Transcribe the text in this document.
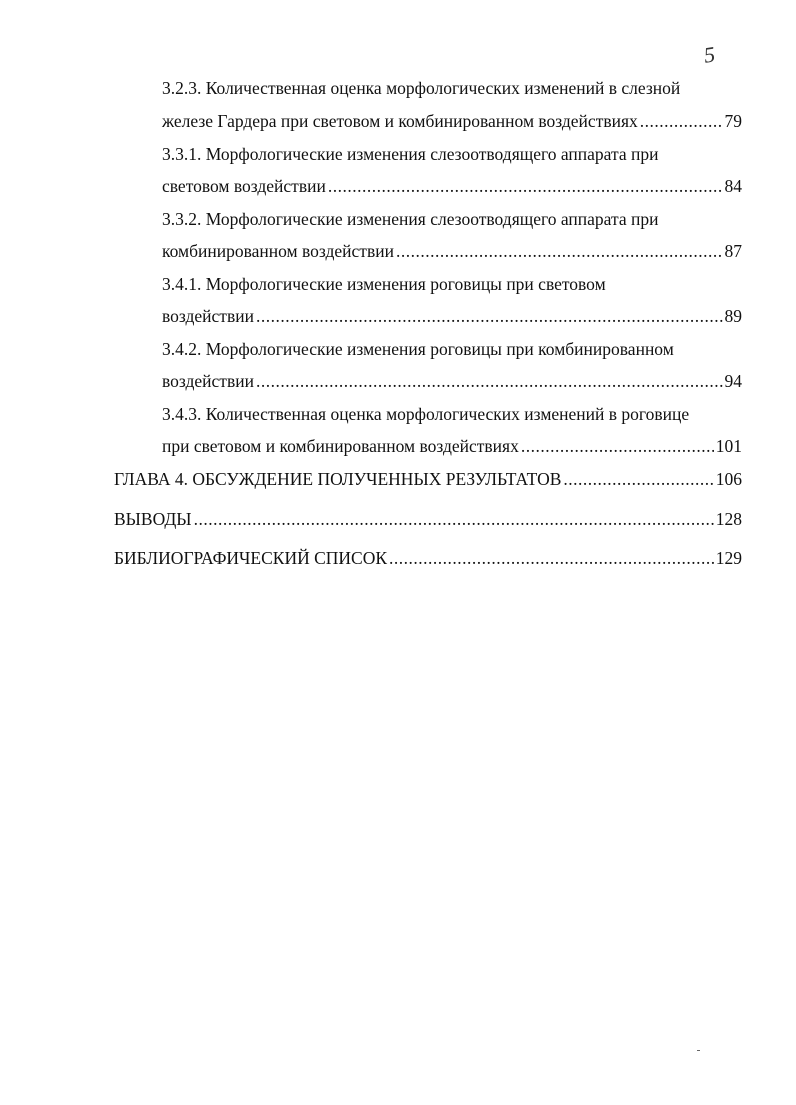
5
3.2.3. Количественная оценка морфологических изменений в слезной
железе Гардера при световом и комбинированном воздействиях .....	79
3.3.1. Морфологические изменения слезоотводящего аппарата при
световом воздействии .....	84
3.3.2. Морфологические изменения слезоотводящего аппарата при
комбинированном воздействии .....	87
3.4.1. Морфологические изменения роговицы при световом
воздействии .....	89
3.4.2. Морфологические изменения роговицы при комбинированном
воздействии .....	94
3.4.3. Количественная оценка морфологических изменений в роговице
при световом и комбинированном воздействиях .....	101
ГЛАВА 4. ОБСУЖДЕНИЕ ПОЛУЧЕННЫХ РЕЗУЛЬТАТОВ .....	106
ВЫВОДЫ .....	128
БИБЛИОГРАФИЧЕСКИЙ СПИСОК .....	129
